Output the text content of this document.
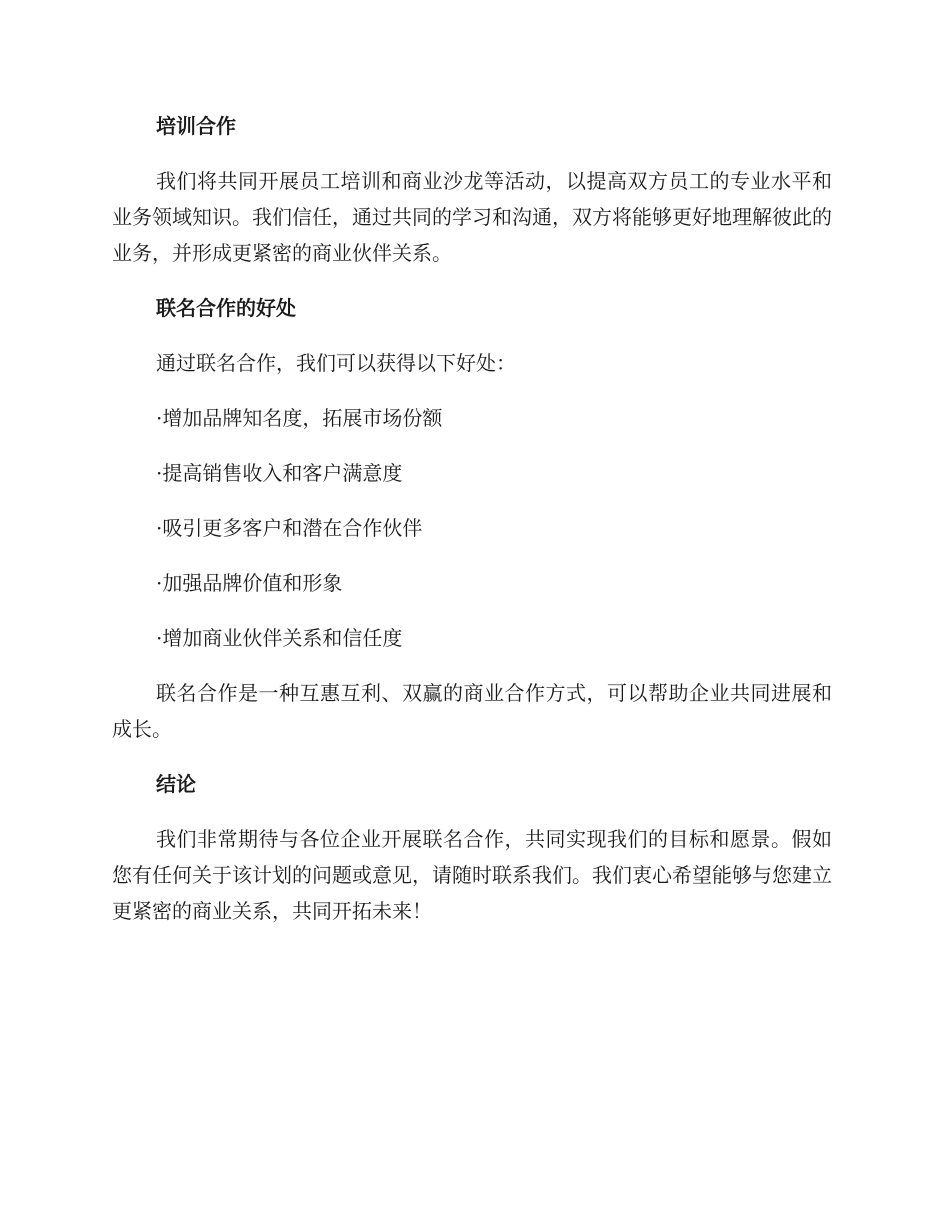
培训合作

我们将共同开展员工培训和商业沙龙等活动，以提高双方员工的专业水平和业务领域知识。我们信任，通过共同的学习和沟通，双方将能够更好地理解彼此的业务，并形成更紧密的商业伙伴关系。

联名合作的好处

通过联名合作，我们可以获得以下好处：

·增加品牌知名度，拓展市场份额
·提高销售收入和客户满意度
·吸引更多客户和潜在合作伙伴
·加强品牌价值和形象
·增加商业伙伴关系和信任度

联名合作是一种互惠互利、双赢的商业合作方式，可以帮助企业共同进展和成长。

结论

我们非常期待与各位企业开展联名合作，共同实现我们的目标和愿景。假如您有任何关于该计划的问题或意见，请随时联系我们。我们衷心希望能够与您建立更紧密的商业关系，共同开拓未来！
